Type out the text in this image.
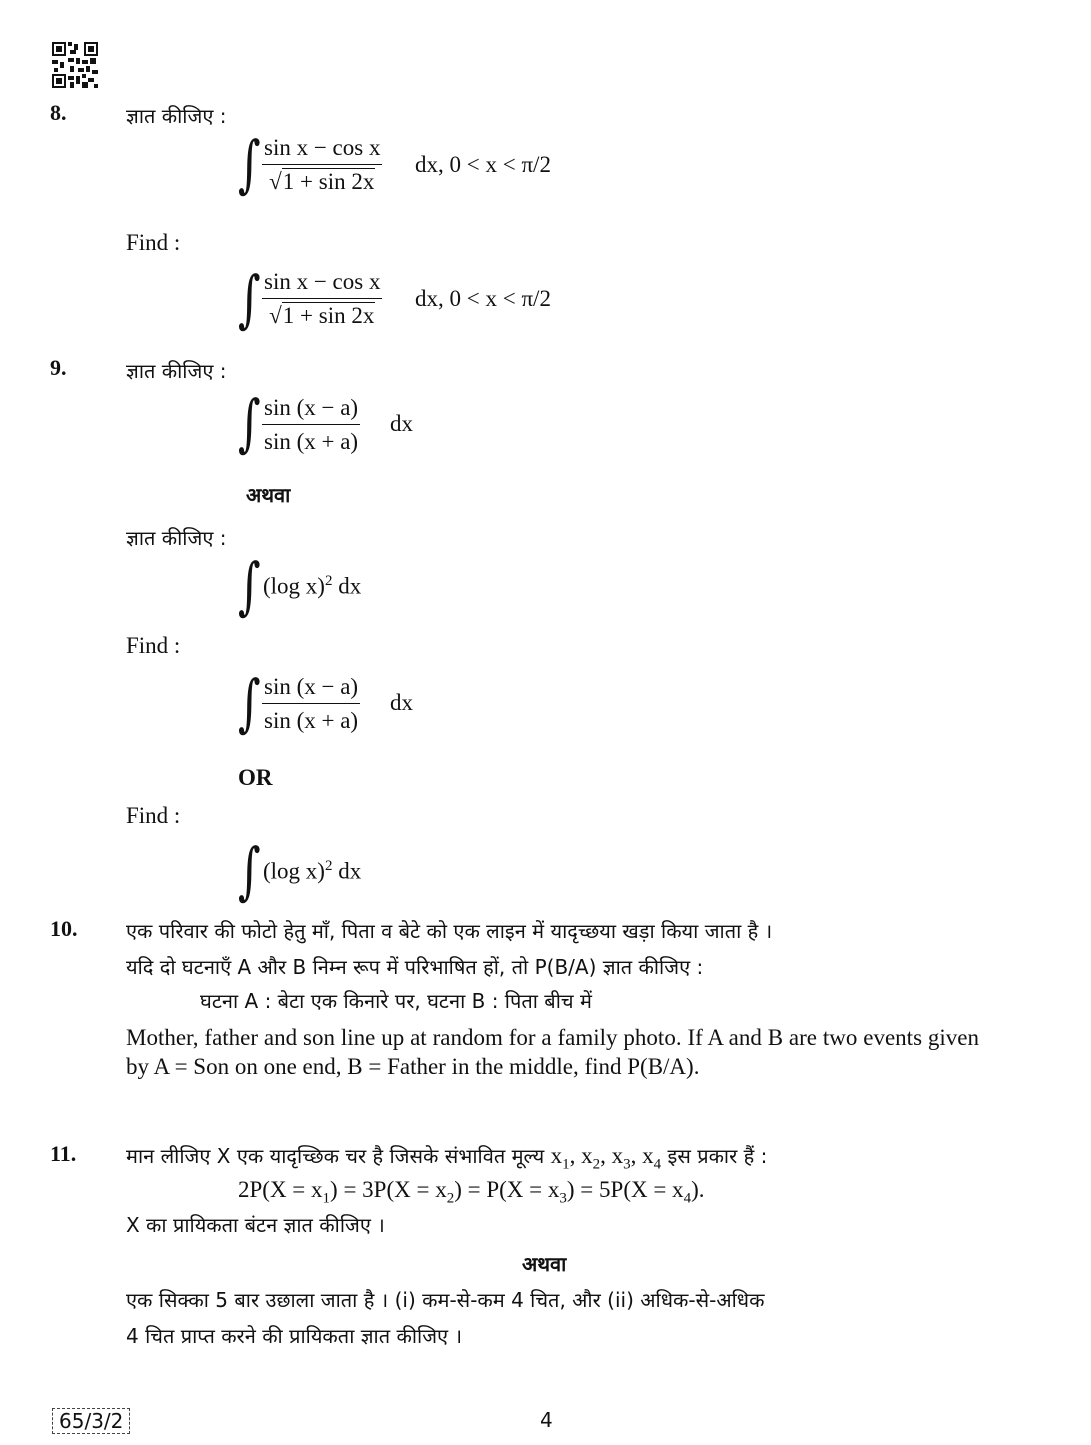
8.	ज्ञात कीजिए :
∫ $\frac{\text{sin x − cos x}}{√1 + \sin 2x}$ dx, 0 < x < π/2
Find :
∫ $\frac{\text{sin x − cos x}}{√1 + \sin 2x}$ dx, 0 < x < π/2
9.	ज्ञात कीजिए :
∫ $\frac{\sin (x - a)}{\sin (x + a)}$ dx
अथवा
ज्ञात कीजिए :
∫ (log x)$^2$ dx
Find :
∫ $\frac{\sin (x - a)}{\sin (x + a)}$ dx
OR
Find :
∫ (log x)$^2$ dx
10. एक परिवार की फोटो हेतु माँ, पिता व बेटे को एक लाइन में यादृच्छया खड़ा किया जाता है ।
यदि दो घटनाएँ A और B निम्न रूप में परिभाषित हों, तो P(B/A) ज्ञात कीजिए :
घटना A : बेटा एक किनारे पर, घटना B : पिता बीच में
Mother, father and son line up at random for a family photo. If A and B are two events given by A = Son on one end, B = Father in the middle, find P(B/A).
11. मान लीजिए X एक यादृच्छिक चर है जिसके संभावित मूल्य $x_1$, $x_2$, $x_3$, $x_4$ इस प्रकार हैं :
$2P(X = x_1) = 3P(X = x_2) = P(X = x_3) = 5P(X = x_4)$.
X का प्रायिकता बंटन ज्ञात कीजिए ।
अथवा
एक सिक्का 5 बार उछाला जाता है । (i) कम-से-कम 4 चित, और (ii) अधिक-से-अधिक
4 चित प्राप्त करने की प्रायिकता ज्ञात कीजिए ।
65/3/2	4
